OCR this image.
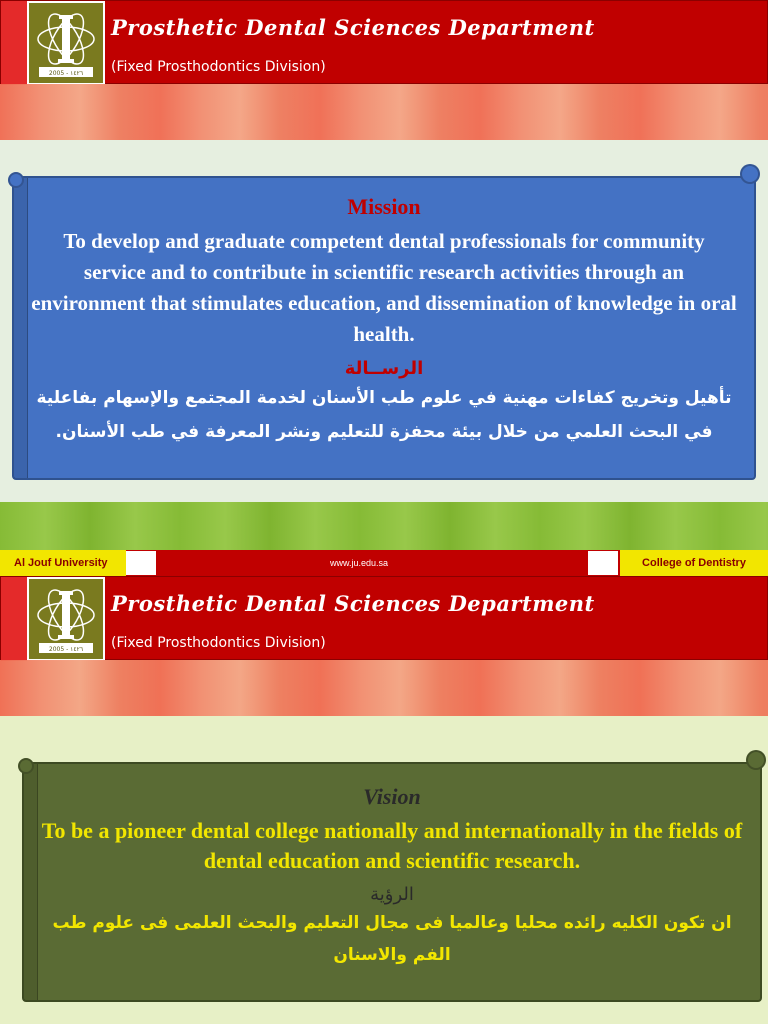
2005 - ١٤٢٦
Prosthetic Dental Sciences Department
(Fixed Prosthodontics Division)
Mission
To develop and graduate competent dental professionals for community service and to contribute in scientific research activities through an environment that stimulates education, and dissemination of knowledge in oral health.
الرســالة
تأهيل وتخريج كفاءات مهنية في علوم طب الأسنان لخدمة المجتمع والإسهام بفاعلية في البحث العلمي من خلال بيئة محفزة للتعليم ونشر المعرفة في طب الأسنان.
Al Jouf University	www.ju.edu.sa	College of Dentistry
2005 - ١٤٢٦
Prosthetic Dental Sciences Department
(Fixed Prosthodontics Division)
Vision
To be a pioneer dental college nationally and internationally in the fields of dental education and scientific research.
الرؤية
ان تكون الكليه رائده محليا وعالميا فى مجال التعليم والبحث العلمى فى علوم طب الفم والاسنان
